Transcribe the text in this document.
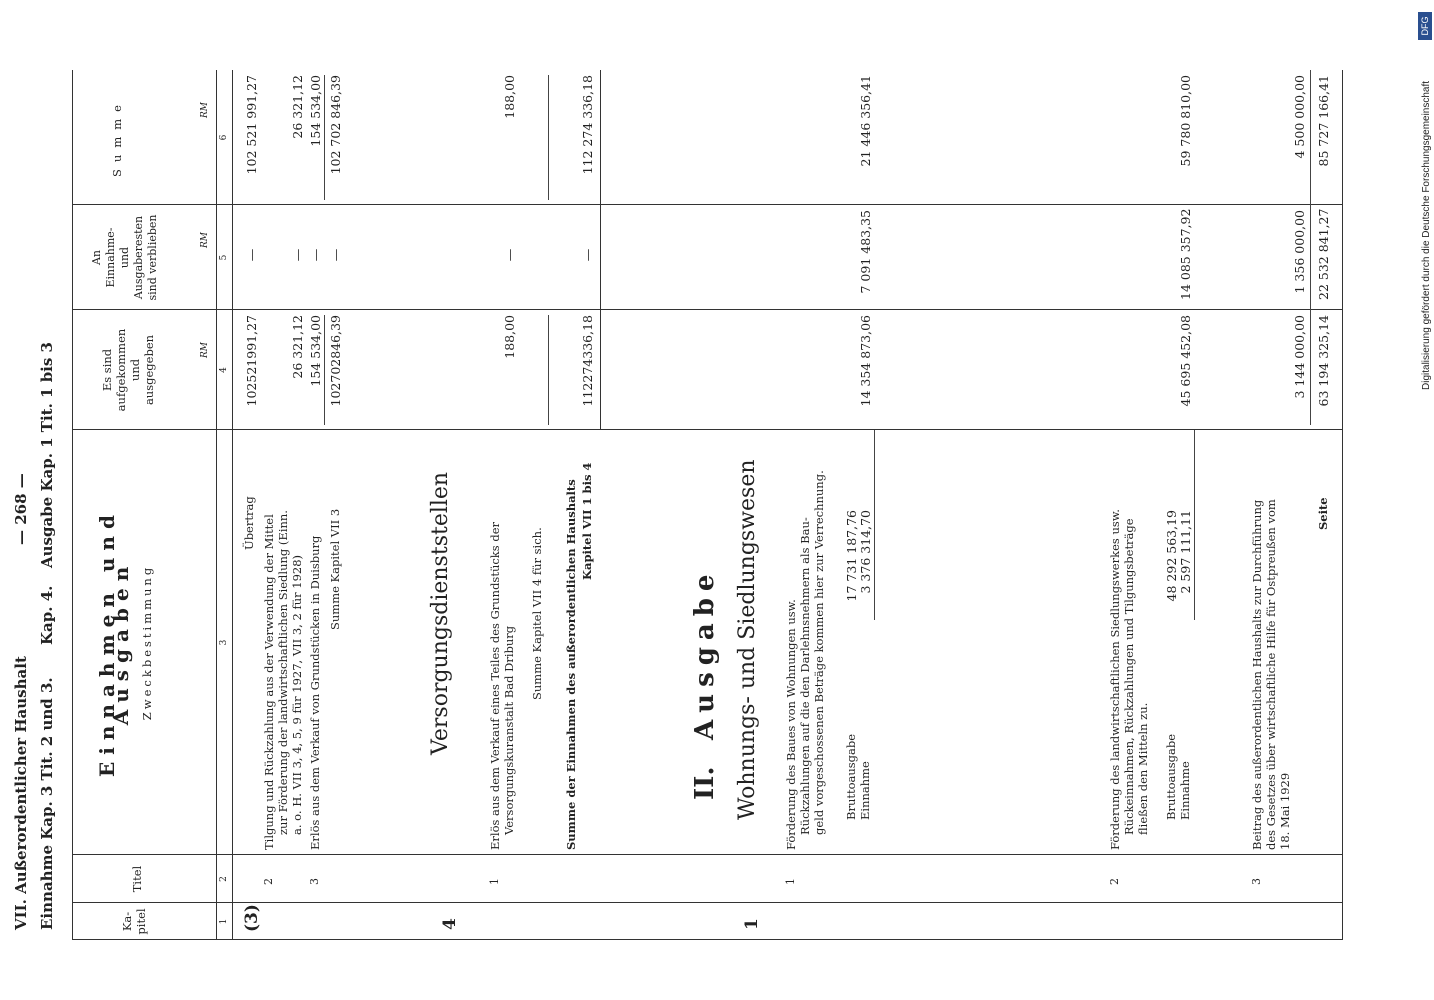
VII. Außerordentlicher Haushalt
— 268 —
Einnahme Kap. 3 Tit. 2 und 3.
Kap. 4.
Ausgabe Kap. 1 Tit. 1 bis 3
Ka-
pitel
Titel
Einnahmen und Ausgaben Zweckbestimmung
Es sind
aufgekommen
und
ausgegeben
An
Einnahme-
und
Ausgaberesten
sind verblieben
Summe
RM
RM
RM
1
2
3
4
5
6
(3)
Übertrag
102521991,27
—
102 521 991,27
2
Tilgung und Rückzahlung aus der Verwendung der Mittel zur Förderung der landwirtschaftlichen Siedlung (Einn. a. o. H. VII 3, 4, 5, 9 für 1927, VII 3, 2 für 1928)
26 321,12
—
26 321,12
3
Erlös aus dem Verkauf von Grundstücken in Duisburg
154 534,00
—
154 534,00
Summe Kapitel VII 3
102702846,39
—
102 702 846,39
4
Versorgungsdienststellen
1
Erlös aus dem Verkauf eines Teiles des Grundstücks der Versorgungskuranstalt Bad Driburg
188,00
—
188,00
Summe Kapitel VII 4 für sich. Summe der Einnahmen des außerordentlichen Haushalts Kapitel VII 1 bis 4
112274336,18
—
112 274 336,18
II.
Ausgabe
1
Wohnungs- und Siedlungswesen
1
Förderung des Baues von Wohnungen usw. Rückzahlungen auf die den Darlehnsnehmern als Bau- geld vorgeschossenen Beträge kommen hier zur Verrechnung. Bruttoausgabe
17 731 187,76
Einnahme
3 376 314,70
14 354 873,06
7 091 483,35
21 446 356,41
2
Förderung des landwirtschaftlichen Siedlungswerkes usw. Rückeinnahmen, Rückzahlungen und Tilgungsbeträge fließen den Mitteln zu. Bruttoausgabe
48 292 563,19
Einnahme
2 597 111,11
45 695 452,08
14 085 357,92
59 780 810,00
3
Beitrag des außerordentlichen Haushalts zur Durchführung des Gesetzes über wirtschaftliche Hilfe für Ostpreußen vom 18. Mai 1929
3 144 000,00
1 356 000,00
4 500 000,00
Seite
63 194 325,14
22 532 841,27
85 727 166,41	Digitalisierung gefördert durch die Deutsche Forschungsgemeinschaft
DFG
